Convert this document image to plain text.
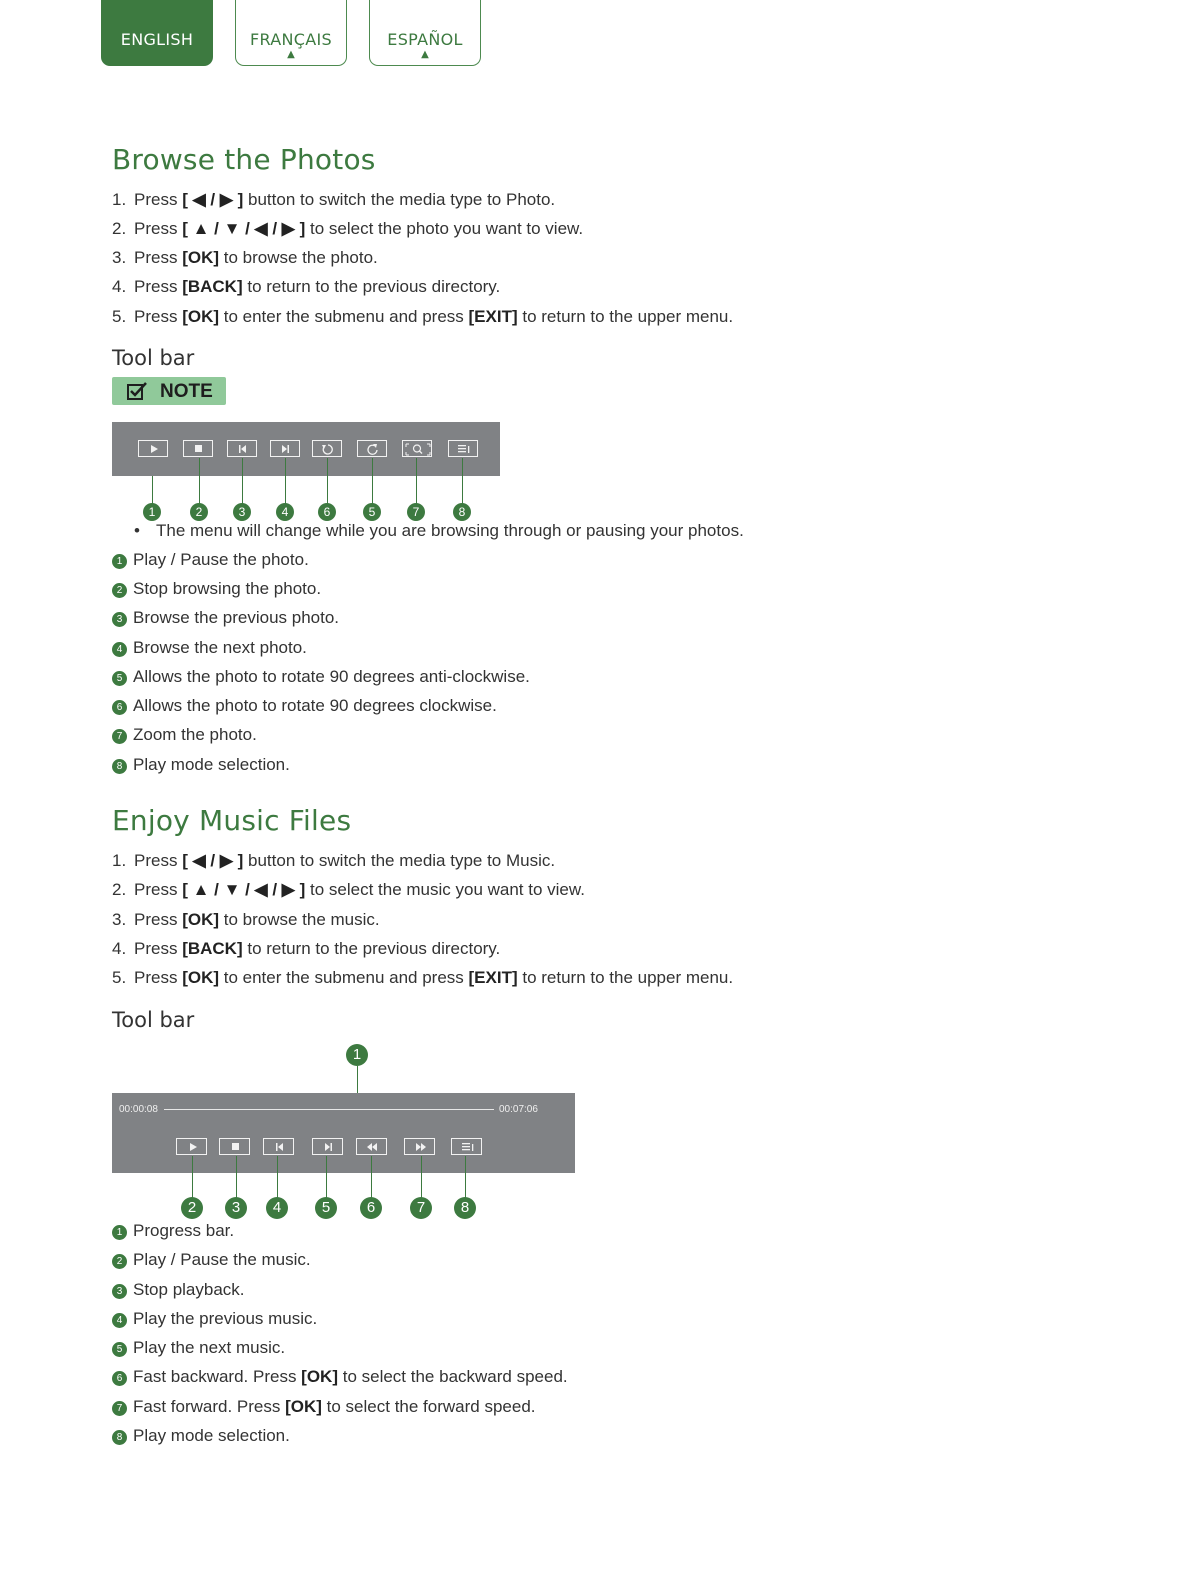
ENGLISH	FRANÇAIS
▲
ESPAÑOL
▲
Browse the Photos
1. Press [ ◀ / ▶ ] button to switch the media type to Photo.
2. Press [ ▲ / ▼ / ◀ / ▶ ] to select the photo you want to view.
3. Press [OK] to browse the photo.
4. Press [BACK] to return to the previous directory.
5. Press [OK] to enter the submenu and press [EXIT] to return to the upper menu.
Tool bar
NOTE
1	2	3	4	6	5	7	8
• The menu will change while you are browsing through or pausing your photos.
1 Play / Pause the photo.
2 Stop browsing the photo.
3 Browse the previous photo.
4 Browse the next photo.
5 Allows the photo to rotate 90 degrees anti-clockwise.
6 Allows the photo to rotate 90 degrees clockwise.
7 Zoom the photo.
8 Play mode selection.
Enjoy Music Files
1. Press [ ◀ / ▶ ] button to switch the media type to Music.
2. Press [ ▲ / ▼ / ◀ / ▶ ] to select the music you want to view.
3. Press [OK] to browse the music.
4. Press [BACK] to return to the previous directory.
5. Press [OK] to enter the submenu and press [EXIT] to return to the upper menu.
Tool bar
1
00:00:08	00:07:06
2	3	4	5	6	7	8
1 Progress bar.
2 Play / Pause the music.
3 Stop playback.
4 Play the previous music.
5 Play the next music.
6 Fast backward. Press [OK] to select the backward speed.
7 Fast forward. Press [OK] to select the forward speed.
8 Play mode selection.
